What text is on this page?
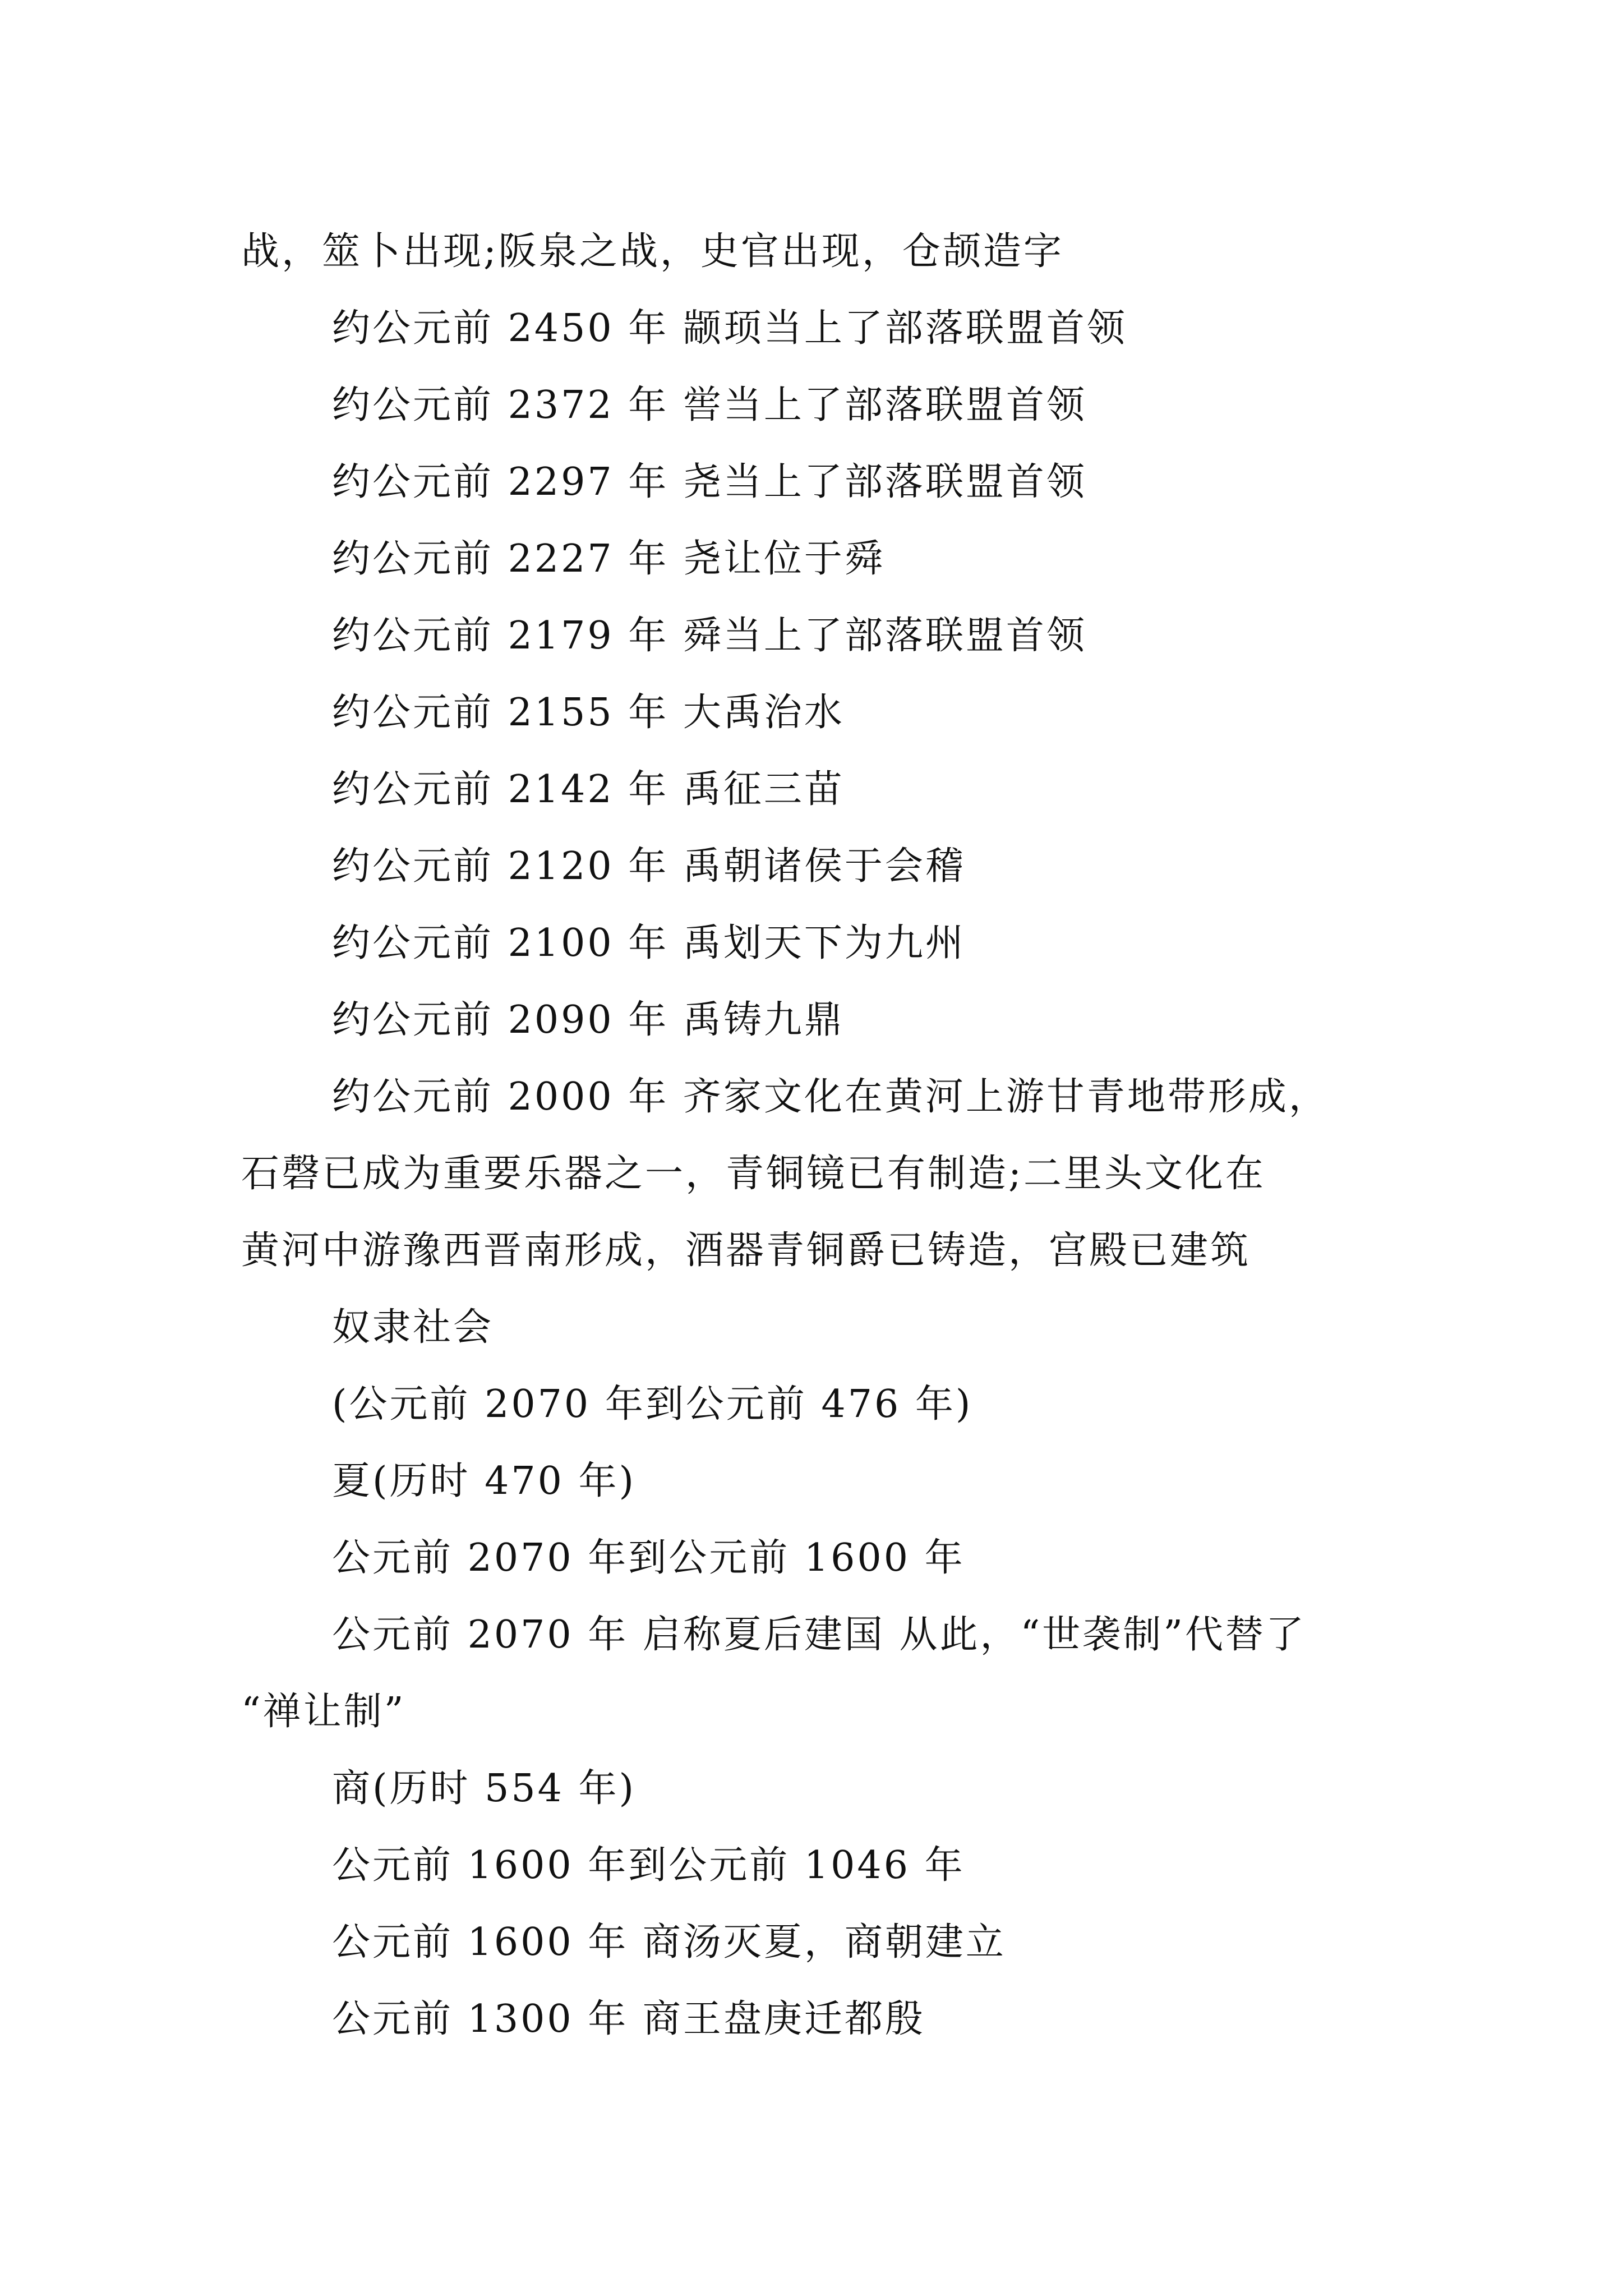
战，筮卜出现;阪泉之战，史官出现，仓颉造字
约公元前 2450 年 颛顼当上了部落联盟首领
约公元前 2372 年 喾当上了部落联盟首领
约公元前 2297 年 尧当上了部落联盟首领
约公元前 2227 年 尧让位于舜
约公元前 2179 年 舜当上了部落联盟首领
约公元前 2155 年 大禹治水
约公元前 2142 年 禹征三苗
约公元前 2120 年 禹朝诸侯于会稽
约公元前 2100 年 禹划天下为九州
约公元前 2090 年 禹铸九鼎
约公元前 2000 年 齐家文化在黄河上游甘青地带形成，
石磬已成为重要乐器之一，青铜镜已有制造;二里头文化在
黄河中游豫西晋南形成，酒器青铜爵已铸造，宫殿已建筑
奴隶社会
(公元前 2070 年到公元前 476 年)
夏(历时 470 年)
公元前 2070 年到公元前 1600 年
公元前 2070 年 启称夏后建国 从此，“世袭制”代替了
“禅让制”
商(历时 554 年)
公元前 1600 年到公元前 1046 年
公元前 1600 年 商汤灭夏，商朝建立
公元前 1300 年 商王盘庚迁都殷
